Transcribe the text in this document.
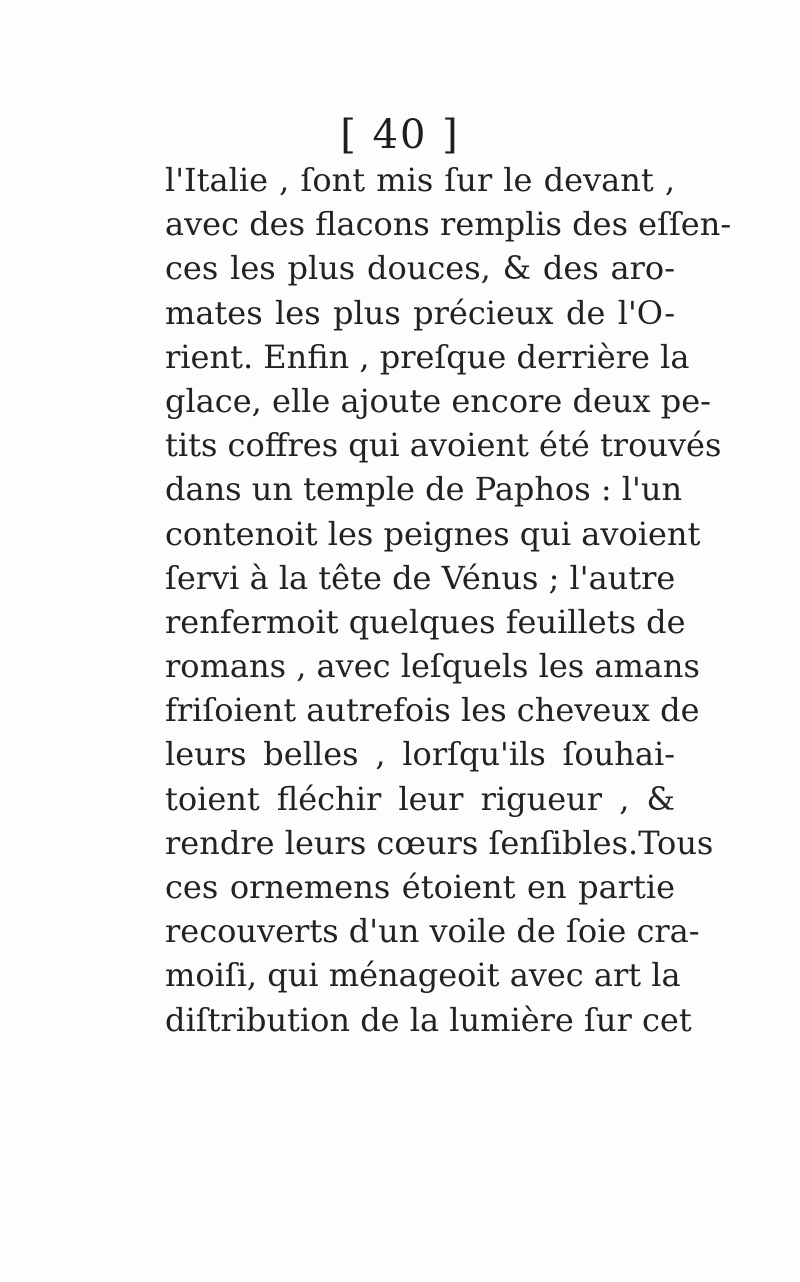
[ 40 ]
l'Italie , ſont mis ſur le devant ,
avec des flacons remplis des eſſen-
ces les plus douces, & des aro-
mates les plus précieux de l'O-
rient. Enfin , preſque derrière la
glace, elle ajoute encore deux pe-
tits coffres qui avoient été trouvés
dans un temple de Paphos : l'un
contenoit les peignes qui avoient
ſervi à la tête de Vénus ; l'autre
renfermoit quelques feuillets de
romans , avec leſquels les amans
friſoient autrefois les cheveux de
leurs belles , lorſqu'ils ſouhai-
toient fléchir leur rigueur , &
rendre leurs cœurs ſenſibles.Tous
ces ornemens étoient en partie
recouverts d'un voile de ſoie cra-
moiſi, qui ménageoit avec art la
diſtribution de la lumière ſur cet
